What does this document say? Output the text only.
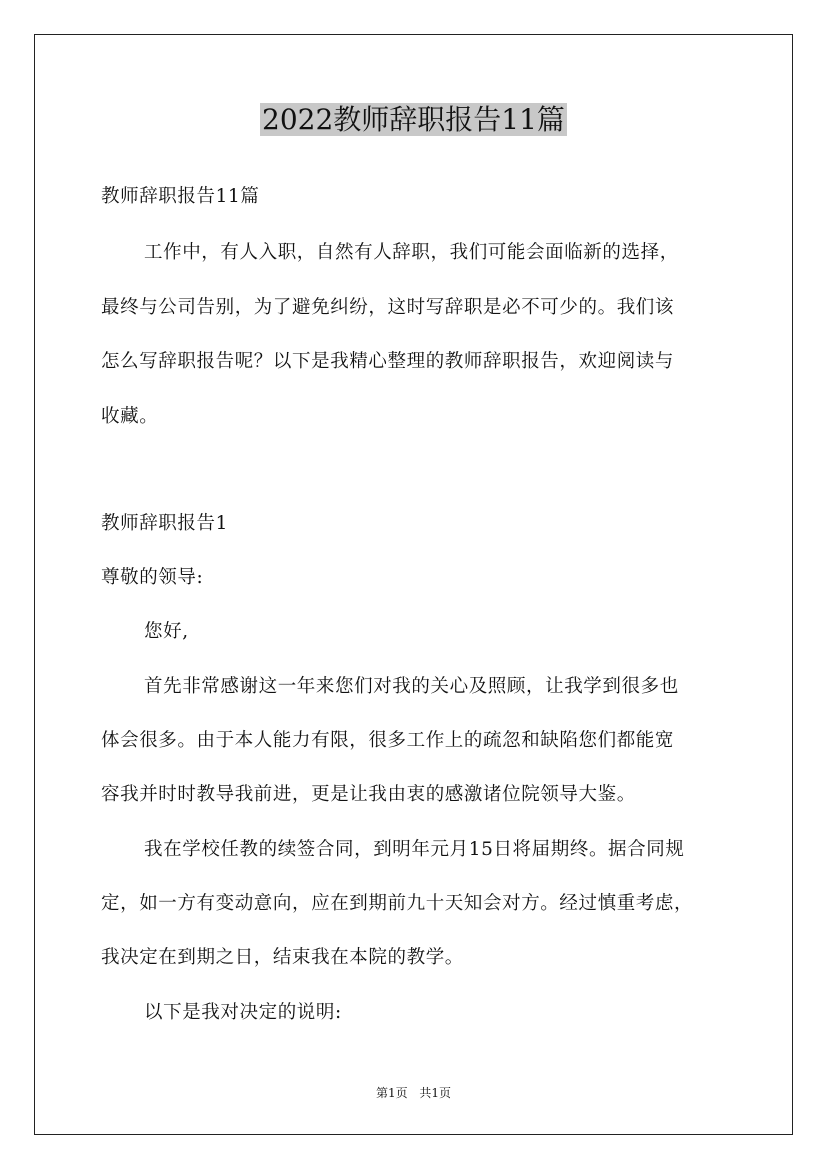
2022教师辞职报告11篇
教师辞职报告11篇
工作中，有人入职，自然有人辞职，我们可能会面临新的选择，
最终与公司告别，为了避免纠纷，这时写辞职是必不可少的。我们该
怎么写辞职报告呢？以下是我精心整理的教师辞职报告，欢迎阅读与
收藏。
教师辞职报告1
尊敬的领导:
您好,
首先非常感谢这一年来您们对我的关心及照顾，让我学到很多也
体会很多。由于本人能力有限，很多工作上的疏忽和缺陷您们都能宽
容我并时时教导我前进，更是让我由衷的感激诸位院领导大鉴。
我在学校任教的续签合同，到明年元月15日将届期终。据合同规
定，如一方有变动意向，应在到期前九十天知会对方。经过慎重考虑，
我决定在到期之日，结束我在本院的教学。
以下是我对决定的说明:
第1页 共1页
